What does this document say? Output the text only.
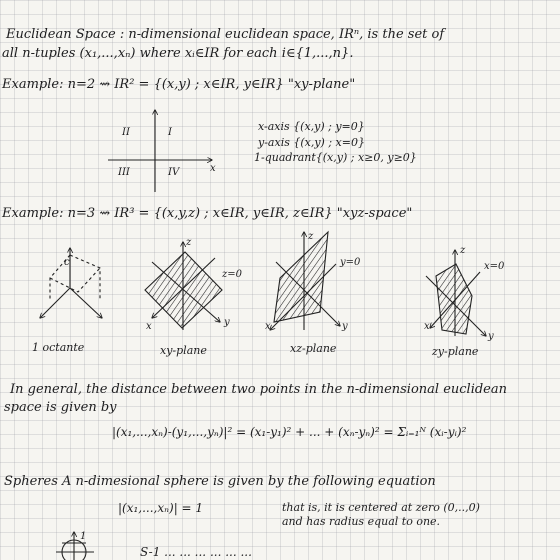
Euclidean Space : n-dimensional euclidean space, IRⁿ, is the set of
all n-tuples (x₁,...,xₙ) where xᵢ∈IR for each i∈{1,...,n}.
Example: n=2 ⇝ IR² = {(x,y) ; x∈IR, y∈IR} "xy-plane"
I
II
III	IV	x
x-axis {(x,y) ; y=0}
y-axis {(x,y) ; x=0}
1-quadrant{(x,y) ; x≥0, y≥0}
Example: n=3 ⇝ IR³ = {(x,y,z) ; x∈IR, y∈IR, z∈IR} "xyz-space"
c
z=0
y=0	x=0
x	y
z
x	y
z
x
y
z
1 octante	xy-plane	xz-plane	zy-plane
In general, the distance between two points in the n-dimensional euclidean
space is given by
|(x₁,...,xₙ)-(y₁,...,yₙ)|² = (x₁-y₁)² + ... + (xₙ-yₙ)² = Σᵢ₌₁ᴺ (xᵢ-yᵢ)²
Spheres A n-dimesional sphere is given by the following equation
|(x₁,...,xₙ)| = 1	that is, it is centered at zero (0,..,0)
and has radius equal to one.
1
S-1 ... ... ... ... ... ...
